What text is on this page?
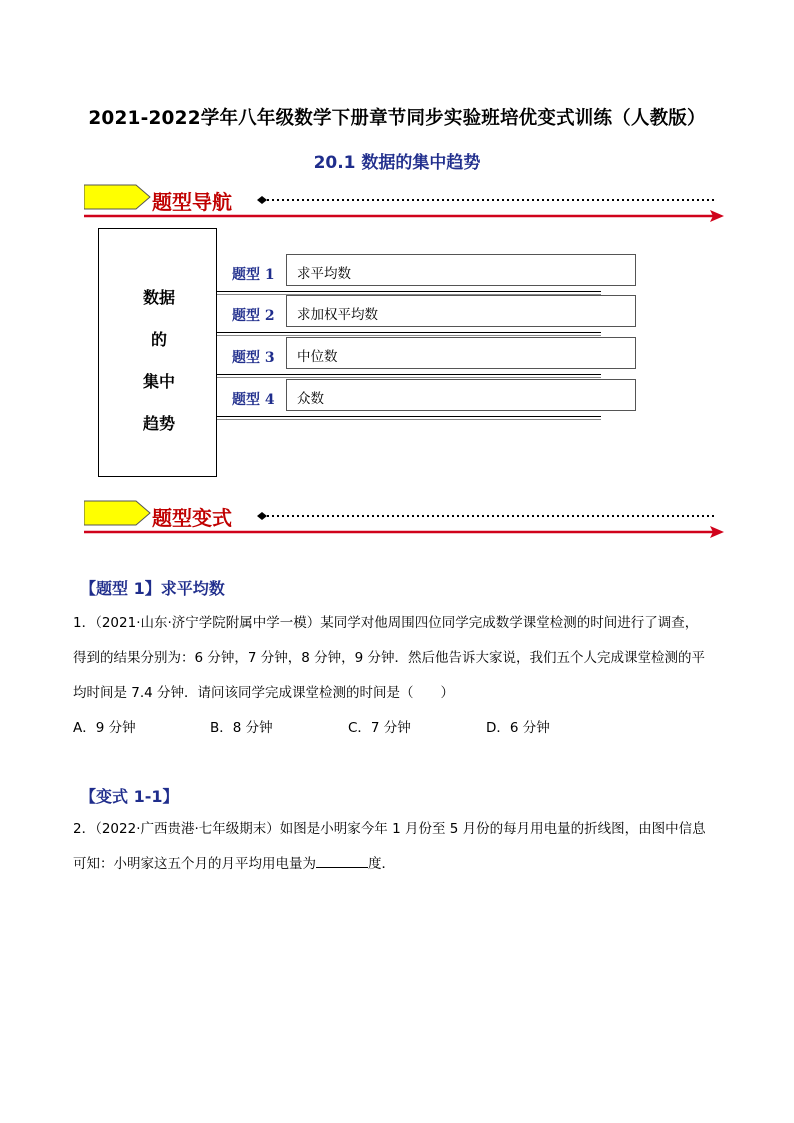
2021-2022学年八年级数学下册章节同步实验班培优变式训练（人教版）
20.1 数据的集中趋势
题型导航
数据
的
集中
趋势
题型 1	求平均数
题型 2	求加权平均数
题型 3	中位数
题型 4	众数
题型变式
【题型 1】求平均数
1．（2021·山东·济宁学院附属中学一模）某同学对他周围四位同学完成数学课堂检测的时间进行了调查，
得到的结果分别为：6 分钟，7 分钟，8 分钟，9 分钟．然后他告诉大家说，我们五个人完成课堂检测的平
均时间是 7.4 分钟．请问该同学完成课堂检测的时间是（　　）
A．9 分钟	B．8 分钟	C．7 分钟	D．6 分钟
【变式 1-1】
2．（2022·广西贵港·七年级期末）如图是小明家今年 1 月份至 5 月份的每月用电量的折线图，由图中信息
可知：小明家这五个月的月平均用电量为	度．
